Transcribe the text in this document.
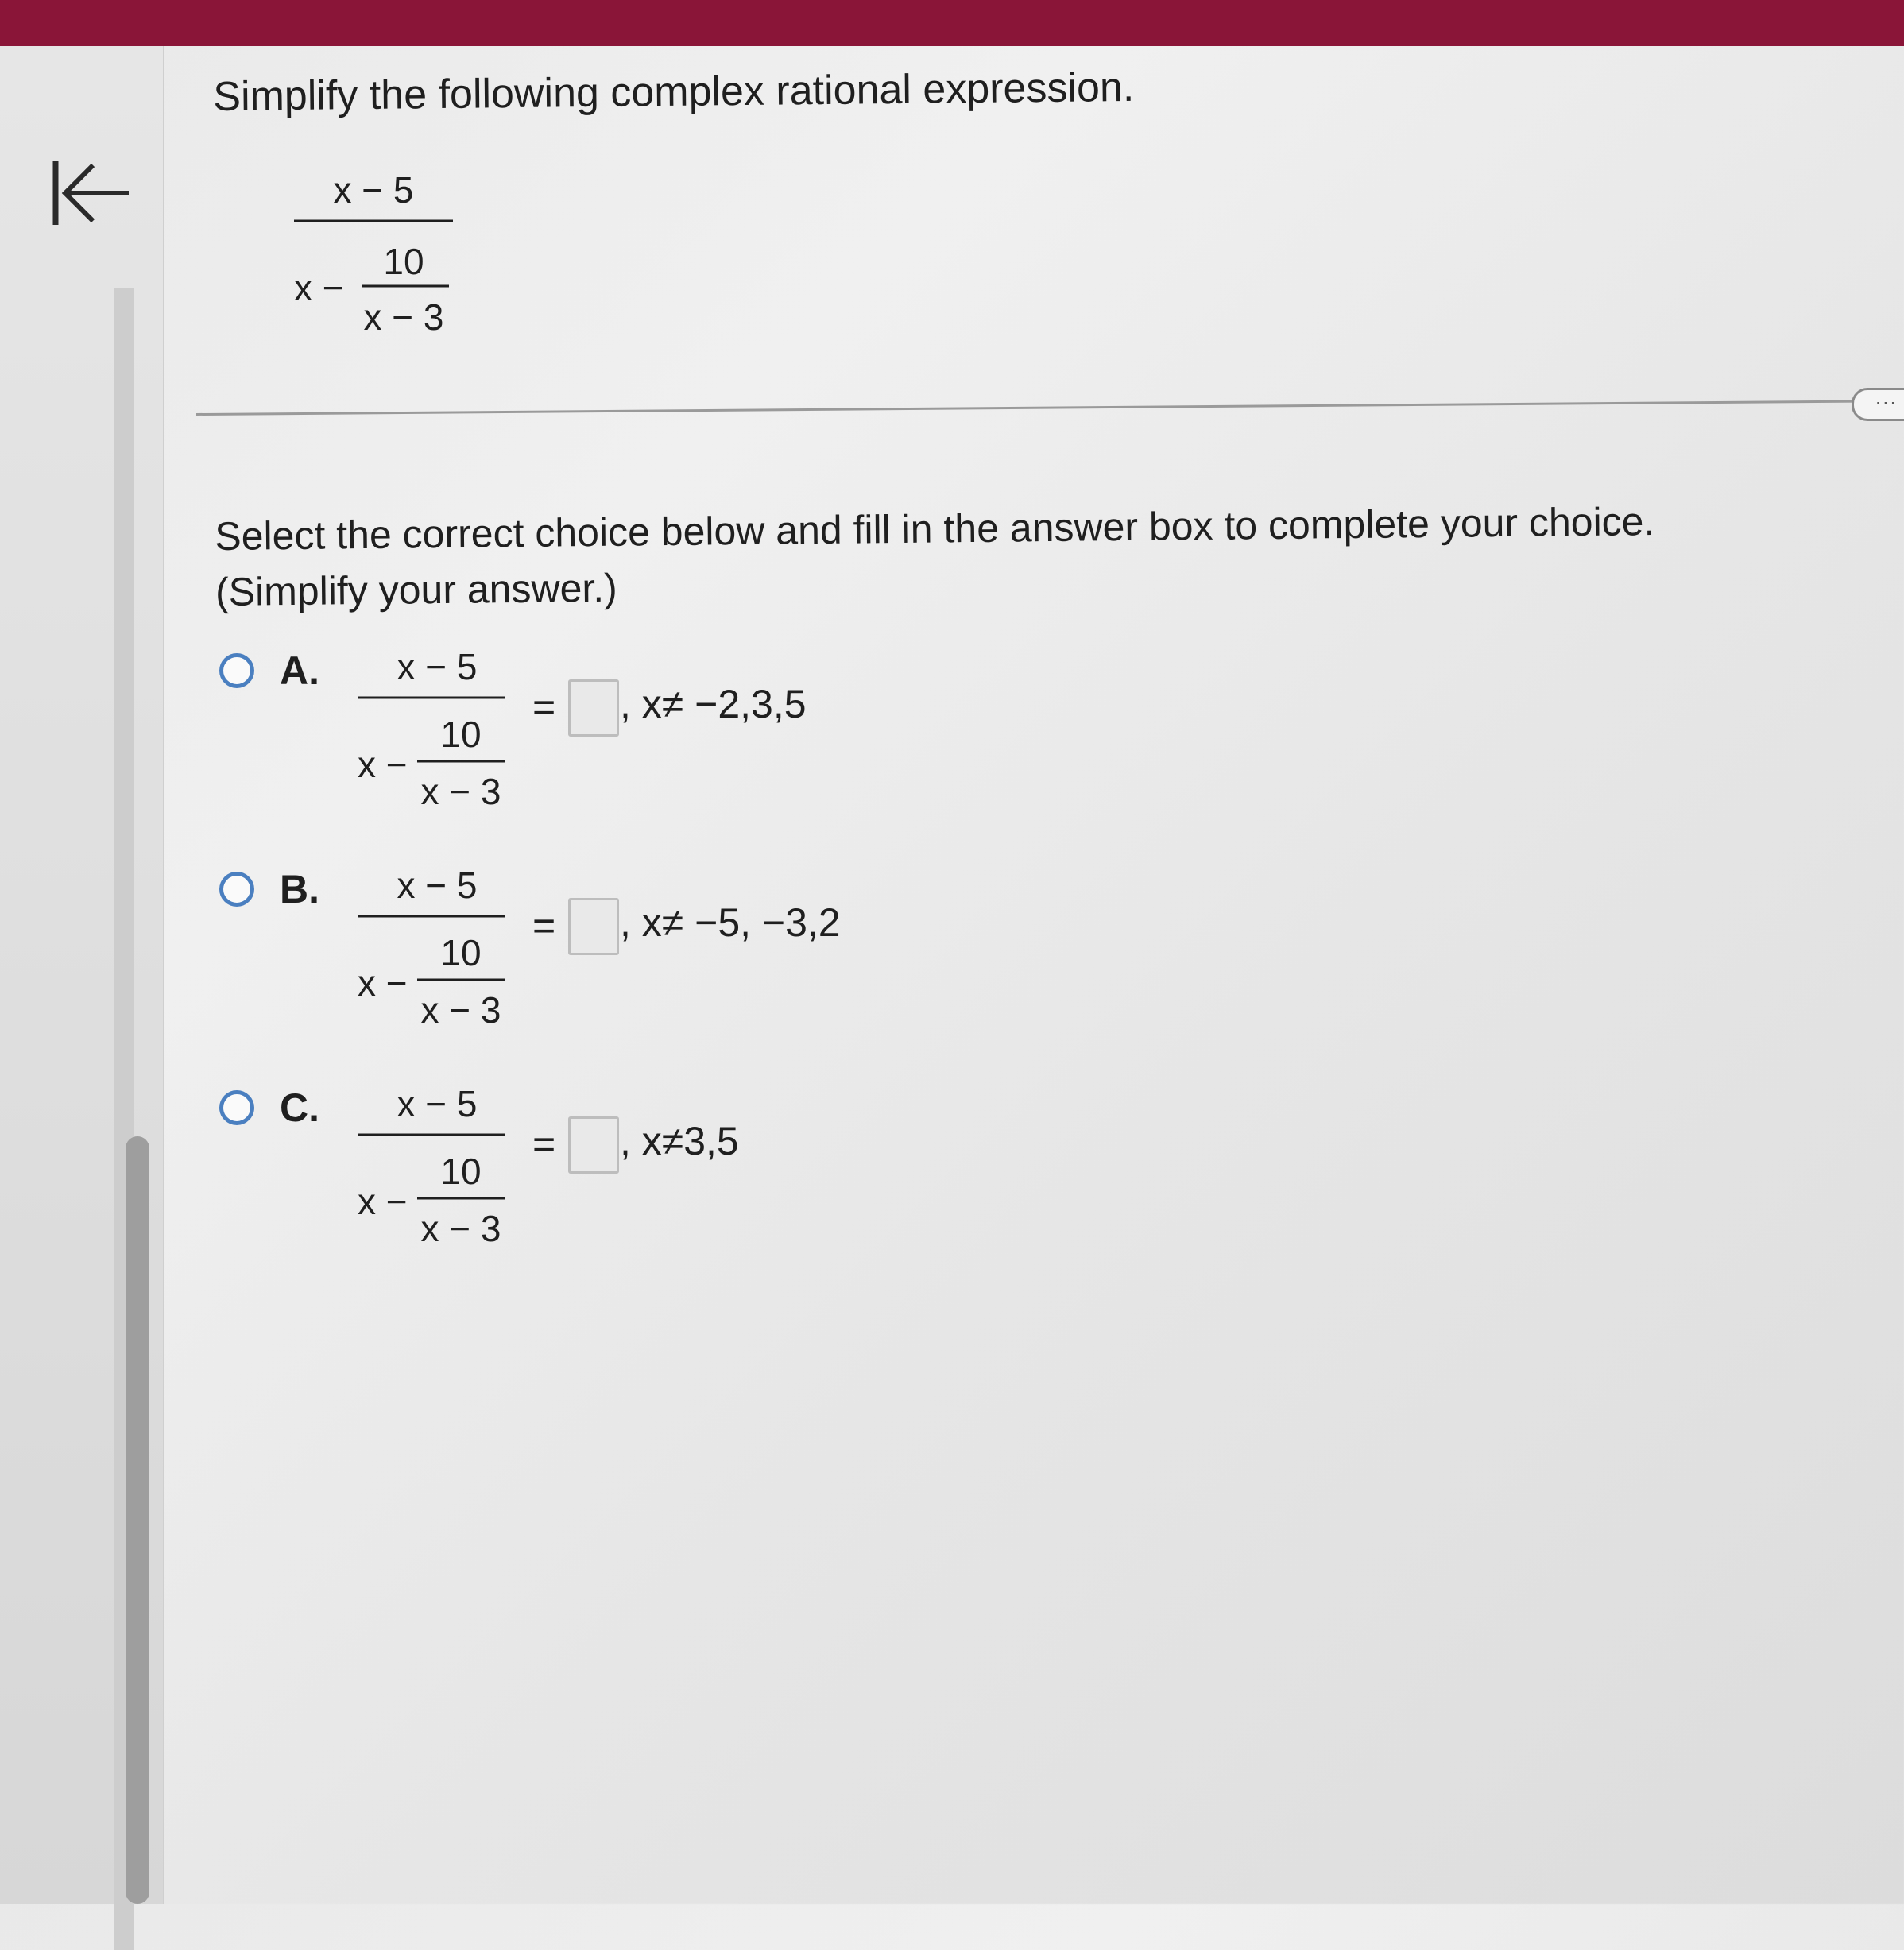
Simplify the following complex rational expression.
x − 5
x −
10
x − 3
···
Select the correct choice below and fill in the answer box to complete your choice.
(Simplify your answer.)
A. x − 5
x −
10
x − 3
= , x≠ −2,3,5
B. x − 5
x −
10
x − 3
= , x≠ −5, −3,2
C. x − 5
x −
10
x − 3
= , x≠3,5
